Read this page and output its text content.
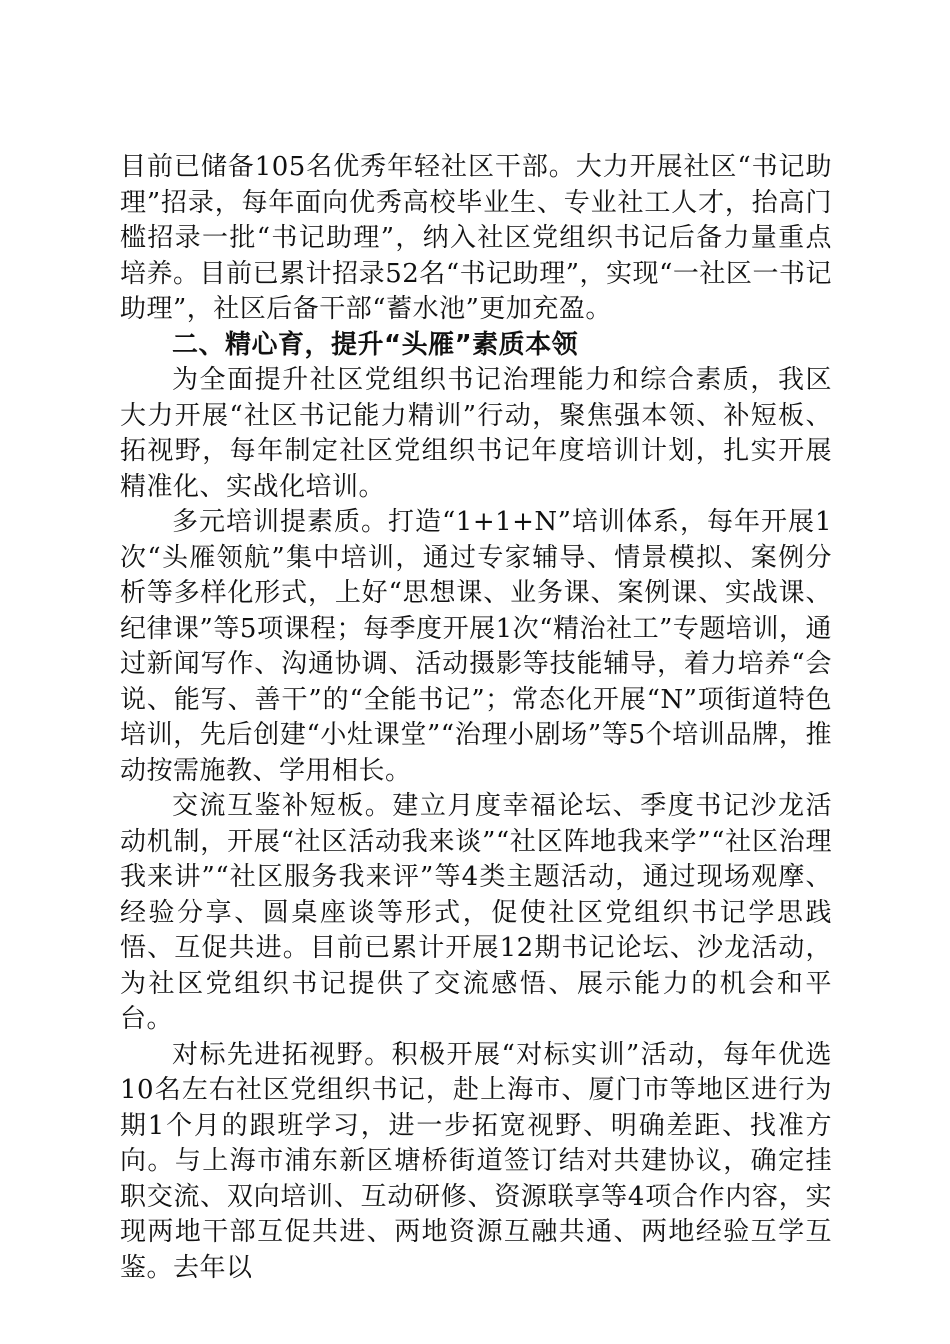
目前已储备105名优秀年轻社区干部。大力开展社区“书记助理”招录，每年面向优秀高校毕业生、专业社工人才，抬高门槛招录一批“书记助理”，纳入社区党组织书记后备力量重点培养。目前已累计招录52名“书记助理”，实现“一社区一书记助理”，社区后备干部“蓄水池”更加充盈。

二、精心育，提升“头雁”素质本领

为全面提升社区党组织书记治理能力和综合素质，我区大力开展“社区书记能力精训”行动，聚焦强本领、补短板、拓视野，每年制定社区党组织书记年度培训计划，扎实开展精准化、实战化培训。

多元培训提素质。打造“1+1+N”培训体系，每年开展1次“头雁领航”集中培训，通过专家辅导、情景模拟、案例分析等多样化形式，上好“思想课、业务课、案例课、实战课、纪律课”等5项课程；每季度开展1次“精治社工”专题培训，通过新闻写作、沟通协调、活动摄影等技能辅导，着力培养“会说、能写、善干”的“全能书记”；常态化开展“N”项街道特色培训，先后创建“小灶课堂”“治理小剧场”等5个培训品牌，推动按需施教、学用相长。

交流互鉴补短板。建立月度幸福论坛、季度书记沙龙活动机制，开展“社区活动我来谈”“社区阵地我来学”“社区治理我来讲”“社区服务我来评”等4类主题活动，通过现场观摩、经验分享、圆桌座谈等形式，促使社区党组织书记学思践悟、互促共进。目前已累计开展12期书记论坛、沙龙活动，为社区党组织书记提供了交流感悟、展示能力的机会和平台。

对标先进拓视野。积极开展“对标实训”活动，每年优选10名左右社区党组织书记，赴上海市、厦门市等地区进行为期1个月的跟班学习，进一步拓宽视野、明确差距、找准方向。与上海市浦东新区塘桥街道签订结对共建协议，确定挂职交流、双向培训、互动研修、资源联享等4项合作内容，实现两地干部互促共进、两地资源互融共通、两地经验互学互鉴。去年以
